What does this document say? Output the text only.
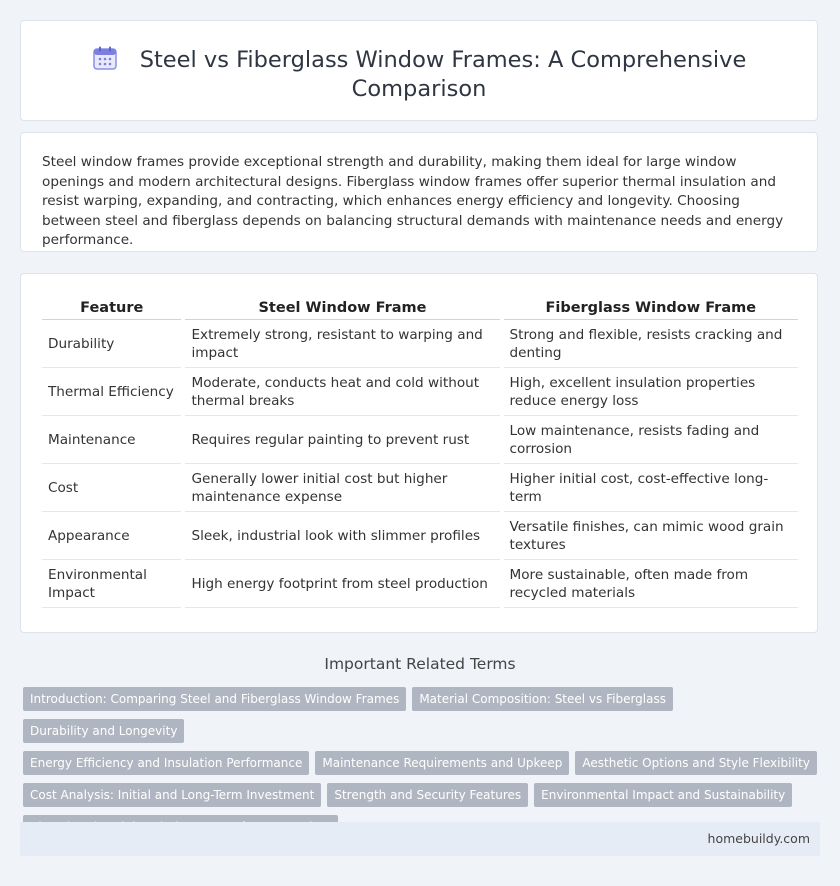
Steel vs Fiberglass Window Frames: A Comprehensive Comparison

Steel window frames provide exceptional strength and durability, making them ideal for large window openings and modern architectural designs. Fiberglass window frames offer superior thermal insulation and resist warping, expanding, and contracting, which enhances energy efficiency and longevity. Choosing between steel and fiberglass depends on balancing structural demands with maintenance needs and energy performance.

Feature	Steel Window Frame	Fiberglass Window Frame
Durability	Extremely strong, resistant to warping and impact	Strong and flexible, resists cracking and denting
Thermal Efficiency	Moderate, conducts heat and cold without thermal breaks	High, excellent insulation properties reduce energy loss
Maintenance	Requires regular painting to prevent rust	Low maintenance, resists fading and corrosion
Cost	Generally lower initial cost but higher maintenance expense	Higher initial cost, cost-effective long-term
Appearance	Sleek, industrial look with slimmer profiles	Versatile finishes, can mimic wood grain textures
Environmental Impact	High energy footprint from steel production	More sustainable, often made from recycled materials
Important Related Terms
Introduction: Comparing Steel and Fiberglass Window Frames Material Composition: Steel vs FiberglassDurability and Longevity
Energy Efficiency and Insulation Performance Maintenance Requirements and Upkeep Aesthetic Options and Style Flexibility
Cost Analysis: Initial and Long-Term Investment Strength and Security Features Environmental Impact and Sustainability

homebuildy.com
